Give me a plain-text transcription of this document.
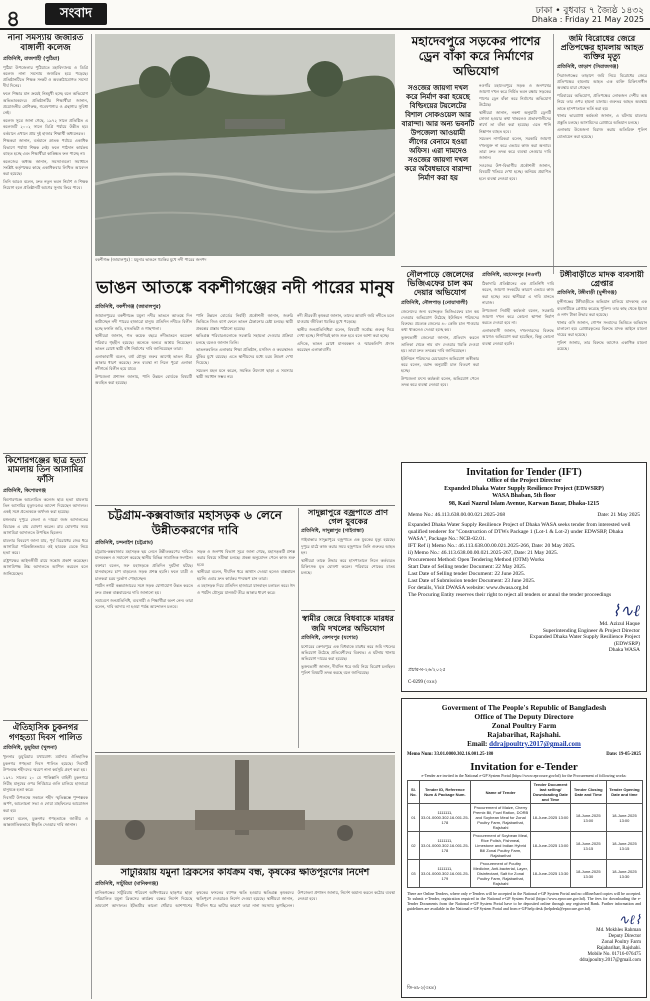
৪	সংবাদ	ঢাকা • বুধবার ৭ জ্যৈষ্ঠ ১৪৩২
Dhaka : Friday 21 May 2025
নানা সমস্যায় জর্জরিত বাঙ্গালী কলেজ
প্রতিনিধি, রাজশাহী (পুঠিয়া)

পুঠিয়া উপজেলার পুঠিয়াতে মহাবিদ্যালয় ও ডিগ্রি কলেজ নানা সমস্যায় জর্জরিত হয়ে পড়েছে। প্রতিষ্ঠানটিতে শিক্ষক সংকট ও অবকাঠামোগত সমস্যা দীর্ঘ দিনের।

ফলে শিক্ষার মান ক্রমেই নিম্নমুখী হচ্ছে বলে অভিযোগ অভিভাবকদের। প্রতিষ্ঠানটির শিক্ষার্থীরা জানান, প্রয়োজনীয় শ্রেণিকক্ষ, গবেষণাগার ও গ্রন্থাগার সুবিধা নেই।

কলেজ সূত্রে জানা গেছে, ১৯৭২ সালে প্রতিষ্ঠিত এ কলেজটি ২০০২ সালে ডিগ্রি পর্যায়ে উন্নীত হয়। বর্তমানে এখানে প্রায় দুই হাজার শিক্ষার্থী অধ্যয়নরত।

শিক্ষকরা জানান, বর্তমানে স্নাতক পর্যায়ে একাধিক বিভাগে পর্যাপ্ত শিক্ষক নেই। ফলে পাঠদান কার্যক্রম ব্যাহত হচ্ছে এবং শিক্ষার্থীরা কাঙ্ক্ষিত ফল পাচ্ছে না।

কলেজের অধ্যক্ষ জানান, সমস্যাগুলো সমাধানে সংশ্লিষ্ট কর্তৃপক্ষের কাছে একাধিকবার লিখিত আবেদন করা হয়েছে।

তিনি আরও বলেন, দ্রুত নতুন ভবন নির্মাণ ও শিক্ষক নিয়োগ হলে প্রতিষ্ঠানটি আগের সুনাম ফিরে পাবে।

কিশোরগঞ্জের ছাত্র হত্যা মামলায় তিন আসামির ফাঁসি
প্রতিনিধি, কিশোরগঞ্জ

কিশোরগঞ্জে আলোচিত কলেজ ছাত্র হত্যা মামলায় তিন আসামির মৃত্যুদণ্ডের আদেশ দিয়েছেন আদালত। একই সঙ্গে প্রত্যেককে অর্থদণ্ড করা হয়েছে।

মঙ্গলবার দুপুরে জেলা ও দায়রা জজ আদালতের বিচারক এ রায় ঘোষণা করেন। রায় ঘোষণার সময় আসামিরা আদালতে উপস্থিত ছিলেন।

মামলার বিবরণে জানা যায়, পূর্ব বিরোধের জের ধরে আসামিরা পরিকল্পিতভাবে ওই ছাত্রকে ডেকে নিয়ে হত্যা করে।

রাষ্ট্রপক্ষের আইনজীবী রায়ে সন্তোষ প্রকাশ করেছেন। আসামিপক্ষ উচ্চ আদালতে আপিল করবেন বলে জানিয়েছেন।

ঐতিহাসিক চুকনগর গণহত্যা দিবস পালিত
প্রতিনিধি, ডুমুরিয়া (খুলনা)

খুলনার ডুমুরিয়ায় যথাযোগ্য মর্যাদায় ঐতিহাসিক চুকনগর গণহত্যা দিবস পালিত হয়েছে। দিবসটি উপলক্ষে শহীদদের স্মরণে নানা কর্মসূচি গ্রহণ করা হয়।

১৯৭১ সালের ২০ মে পাকিস্তানি বাহিনী চুকনগরে নিরীহ মানুষের ওপর নির্বিচারে গুলি চালিয়ে হাজারো মানুষকে হত্যা করে।

দিবসটি উপলক্ষে সকালে শহীদ স্মৃতিস্তম্ভে পুষ্পস্তবক অর্পণ, আলোচনা সভা ও দোয়া মাহফিলের আয়োজন করা হয়।

বক্তারা বলেন, চুকনগর গণহত্যাকে জাতীয় ও আন্তর্জাতিকভাবে স্বীকৃতি দেওয়ার দাবি জানান।

বকশীগঞ্জ (জামালপুর) : যমুনার ভাঙনে হুমকির মুখে নদী পারের জনপদ
ভাঙন আতঙ্কে বকশীগঞ্জের নদী পারের মানুষ
প্রতিনিধি, বকশীগঞ্জ (জামালপুর)

জামালপুরের বকশীগঞ্জে যমুনা নদীর ভাঙনে আতঙ্কে দিন কাটাচ্ছেন নদী পারের হাজারো মানুষ। প্রতিদিন নদীতে বিলীন হচ্ছে ফসলি জমি, বসতভিটা ও গাছপালা।

স্থানীয়রা জানান, গত কয়েক বছরে নদীভাঙনে কয়েকশ পরিবার গৃহহীন হয়েছে। অনেকে অন্যত্র আশ্রয় নিয়েছেন। ভাঙন রোধে স্থায়ী বাঁধ নির্মাণের দাবি জানিয়েছেন তারা।

এলাকাবাসী বলেন, বর্ষা মৌসুম শুরুর আগেই ভাঙন তীব্র আকার ধারণ করেছে। দ্রুত ব্যবস্থা না নিলে পুরো এলাকা নদীগর্ভে বিলীন হয়ে যাবে।

উপজেলা প্রশাসন জানায়, পানি উন্নয়ন বোর্ডকে বিষয়টি অবহিত করা হয়েছে।

পানি উন্নয়ন বোর্ডের নির্বাহী প্রকৌশলী জানান, জরুরি ভিত্তিতে জিও ব্যাগ ফেলে ভাঙন ঠেকানোর চেষ্টা চলছে। স্থায়ী প্রকল্পের প্রস্তাব পাঠানো হয়েছে।

ক্ষতিগ্রস্ত পরিবারগুলোকে সরকারি সহায়তা দেওয়ার প্রক্রিয়া চলছে বলেও জানান তিনি।

ভাঙনকবলিত এলাকার শিক্ষা প্রতিষ্ঠান, মসজিদ ও কবরস্থানও ঝুঁকির মুখে রয়েছে। এতে স্থানীয়দের মধ্যে চরম উদ্বেগ দেখা দিয়েছে।

সচেতন মহল মনে করেন, সমন্বিত উদ্যোগ ছাড়া এ সমস্যার স্থায়ী সমাধান সম্ভব নয়।

নদী তীরবর্তী কৃষকরা জানান, তাদের আবাদি জমি নদীতে চলে যাওয়ায় জীবিকা হুমকির মুখে পড়েছে।

স্থানীয় জনপ্রতিনিধিরা বলেন, বিষয়টি সর্বোচ্চ গুরুত্ব দিয়ে দেখা হচ্ছে। শিগগিরই কাজ শুরু হবে বলে আশা করা হচ্ছে।

এদিকে, ভাঙন রোধে মানববন্ধন ও স্মারকলিপি প্রদান করেছেন এলাকাবাসী।

চট্টগ্রাম-কক্সবাজার মহাসড়ক ৬ লেনে উন্নীতকরণের দাবি
প্রতিনিধি, চন্দনাইশ (চট্টগ্রাম)

চট্টগ্রাম-কক্সবাজার মহাসড়ক ছয় লেনে উন্নীতকরণের দাবিতে মানববন্ধন ও সমাবেশ করেছে স্থানীয় বিভিন্ন সামাজিক সংগঠন।

বক্তারা বলেন, সরু মহাসড়কে প্রতিদিন দুর্ঘটনা ঘটছে। যানবাহনের চাপ বাড়লেও সড়ক প্রশস্ত হয়নি। ফলে যাত্রী ও চালকরা চরম দুর্ভোগ পোহাচ্ছেন।

পর্যটন নগরী কক্সবাজারের সঙ্গে সড়ক যোগাযোগ উন্নত করতে দ্রুত প্রকল্প বাস্তবায়নের দাবি জানানো হয়।

সমাবেশে জনপ্রতিনিধি, ব্যবসায়ী ও শিক্ষার্থীরা অংশ নেন। তারা বলেন, দাবি আদায় না হওয়া পর্যন্ত আন্দোলন চলবে।

সড়ক ও জনপথ বিভাগ সূত্রে জানা গেছে, মহাসড়কটি প্রশস্ত করার বিষয়ে সমীক্ষা চলছে। প্রকল্প অনুমোদন পেলে কাজ শুরু হবে।

স্থানীয়রা বলেন, দীর্ঘদিন ধরে আশ্বাস দেওয়া হলেও বাস্তবায়ন হয়নি। এবার দ্রুত কার্যকর পদক্ষেপ চান তারা।

এ মহাসড়ক দিয়ে প্রতিদিন হাজারো যানবাহন চলাচল করে। ঈদ ও পর্যটন মৌসুমে যানজট তীব্র আকার ধারণ করে।

সাদুল্লাপুরে বজ্রপাতে প্রাণ গেল যুবকের
প্রতিনিধি, সাদুল্লাপুর (গাইবান্ধা)

গাইবান্ধার সাদুল্লাপুরে বজ্রপাতে এক যুবকের মৃত্যু হয়েছে। দুপুরে মাঠে কাজ করার সময় বজ্রপাতে তিনি গুরুতর আহত হন।

স্থানীয়রা তাকে উদ্ধার করে হাসপাতালে নিলে কর্তব্যরত চিকিৎসক মৃত ঘোষণা করেন। পরিবারে শোকের মাতম চলছে।

স্বামীর জেরে বিধবাকে মারধর জমি দখলের অভিযোগ
প্রতিনিধি, কেশবপুর (যশোর)

যশোরের কেশবপুরে এক বিধবাকে মারধর করে জমি দখলের অভিযোগ উঠেছে প্রতিবেশীদের বিরুদ্ধে। এ ঘটনায় থানায় অভিযোগ দায়ের করা হয়েছে।

ভুক্তভোগী জানান, দীর্ঘদিন ধরে জমি নিয়ে বিরোধ চলছিল। পুলিশ বিষয়টি তদন্ত করছে বলে জানিয়েছে।

সাটুরিয়ায় যমুনা ব্রিকসের কার্যক্রম বন্ধ, কৃষকের ক্ষতিপূরণের নির্দেশ
প্রতিনিধি, সাটুরিয়া (মানিকগঞ্জ)
মানিকগঞ্জের সাটুরিয়ায় পরিবেশ অধিদপ্তরের ছাড়পত্র ছাড়া পরিচালিত যমুনা ব্রিকসের কার্যক্রম বন্ধের নির্দেশ দিয়েছে ভ্রাম্যমাণ আদালত। ইটভাটার কালো ধোঁয়ায় আশপাশের কৃষকের ফসলের ব্যাপক ক্ষতি হওয়ায় ক্ষতিগ্রস্ত কৃষকদের ক্ষতিপূরণ দেওয়ারও নির্দেশ দেওয়া হয়েছে। স্থানীয়রা জানান, দীর্ঘদিন ধরে ভাটার কারণে তারা নানা সমস্যায় ভুগছিলেন। উপজেলা প্রশাসন জানায়, নির্দেশ অমান্য করলে কঠোর ব্যবস্থা নেওয়া হবে।
মহাদেবপুরে সড়কের পাশের ড্রেন বাঁকা করে নির্মাণের অভিযোগ
সওজের জায়গা দখল করে নির্মাণ করা হয়েছে বিল্ডিংয়ের টয়লেটের বিশাল সোকওয়েল আর বারান্দা। আর অন্য ভবনটি উপজেলা আওয়ামী লীগের বেনামে হওয়া অফিস। এরা দামদেও সওজের জায়গা দখল করে অবৈধভাবে বারান্দা নির্মাণ করা হয়

নওগাঁর মহাদেবপুরে সড়ক ও জনপথের জায়গা দখল করে নির্মিত ভবন রক্ষায় সড়কের পাশের ড্রেন বাঁকা করে নির্মাণের অভিযোগ উঠেছে।

স্থানীয়রা জানান, নকশা অনুযায়ী ড্রেনটি সোজা হওয়ার কথা থাকলেও প্রভাবশালীদের স্বার্থে তা বাঁকা করা হয়েছে। এতে পানি নিষ্কাশন ব্যাহত হবে।

সচেতন নাগরিকরা বলেন, সরকারি জায়গা দখলমুক্ত না করে এভাবে কাজ করা অন্যায়। তারা দ্রুত তদন্ত করে ব্যবস্থা নেওয়ার দাবি জানান।

সওজের উপ-বিভাগীয় প্রকৌশলী জানান, বিষয়টি খতিয়ে দেখা হচ্ছে। অনিয়ম প্রমাণিত হলে ব্যবস্থা নেওয়া হবে।

জমি বিরোধের জেরে প্রতিপক্ষের হামলায় আহত ব্যক্তির মৃত্যু
প্রতিনিধি, তাড়াশ (সিরাজগঞ্জ)

সিরাজগঞ্জের তাড়াশে জমি নিয়ে বিরোধের জেরে প্রতিপক্ষের হামলায় আহত এক ব্যক্তি চিকিৎসাধীন অবস্থায় মারা গেছেন।

পরিবারের অভিযোগ, প্রতিপক্ষের লোকজন দেশীয় অস্ত্র নিয়ে তার ওপর হামলা চালায়। গুরুতর আহত অবস্থায় তাকে হাসপাতালে ভর্তি করা হয়।

থানার ভারপ্রাপ্ত কর্মকর্তা জানান, এ ঘটনায় মামলার প্রস্তুতি চলছে। আসামিদের গ্রেপ্তারে অভিযান চলছে।

এলাকায় উত্তেজনা বিরাজ করায় অতিরিক্ত পুলিশ মোতায়েন করা হয়েছে।

নৌলপাড়ে জেলেদের ভিজিএফের চাল কম দেয়ার অভিযোগ
প্রতিনিধি, নৌলপাড় (নোয়াখালী)

জেলেদের জন্য বরাদ্দকৃত ভিজিএফের চাল কম দেওয়ার অভিযোগ উঠেছে ইউনিয়ন পরিষদের বিরুদ্ধে। প্রত্যেক জেলের ৪০ কেজি চাল পাওয়ার কথা থাকলেও দেওয়া হচ্ছে কম।

ভুক্তভোগী জেলেরা জানান, প্রতিবাদ করলে তালিকা থেকে নাম বাদ দেওয়ার হুমকি দেওয়া হয়। তারা দ্রুত তদন্তের দাবি জানিয়েছেন।

ইউনিয়ন পরিষদের চেয়ারম্যান অভিযোগ অস্বীকার করে বলেন, বরাদ্দ অনুযায়ী চাল বিতরণ করা হচ্ছে।

উপজেলা মৎস্য কর্মকর্তা বলেন, অভিযোগ পেলে তদন্ত করে ব্যবস্থা নেওয়া হবে।

প্রতিনিধি, মহাদেবপুর (নওগাঁ)

ঠিকাদারি প্রতিষ্ঠানের এক প্রতিনিধি দাবি করেন, জায়গা সংকটের কারণে এভাবে কাজ করা হচ্ছে। তবে স্থানীয়রা এ দাবি মানতে নারাজ।

উপজেলা নির্বাহী কর্মকর্তা বলেন, সরকারি জায়গা দখল করে কোনো স্থাপনা নির্মাণ করতে দেওয়া হবে না।

এলাকাবাসী জানান, দখলদারদের বিরুদ্ধে আগেও অভিযোগ করা হয়েছিল, কিন্তু কোনো ব্যবস্থা নেওয়া হয়নি।

টঙ্গীবাড়ীতে মাদক ব্যবসায়ী গ্রেপ্তার
প্রতিনিধি, টঙ্গীবাড়ী (মুন্সীগঞ্জ)

মুন্সীগঞ্জের টঙ্গীবাড়ীতে অভিযান চালিয়ে মাদকসহ এক ব্যবসায়ীকে গ্রেপ্তার করেছে পুলিশ। তার কাছ থেকে ইয়াবা ও নগদ টাকা উদ্ধার করা হয়েছে।

থানার ওসি জানান, গোপন সংবাদের ভিত্তিতে অভিযান চালানো হয়। গ্রেপ্তারকৃতের বিরুদ্ধে মাদক আইনে মামলা দায়ের করা হয়েছে।

পুলিশ জানায়, তার বিরুদ্ধে আগেও একাধিক মামলা রয়েছে।

Invitation for Tender (IFT)
Office of the Project Director
Expanded Dhaka Water Supply Resilience Project (EDWSRP)
WASA Bhaban, 5th floor
98, Kazi Nazrul Islam Avenue, Karwan Bazar, Dhaka-1215
Memo No.: 46.113.638.00.00.021.2025-268	Date: 21 May 2025
Expanded Dhaka Water Supply Resilience Project of Dhaka WASA seeks tender from interested well qualified tenderer for "Construction of DTWs Package 1 (Lot-1 & Lot-2) under EDWSRP, Dhaka WASA", Package No.: NCB-02.01.
IFT Ref i) Memo No.: 46.113.638.00.00.021.2025-266, Date: 20 May 2025.
ii) Memo No.: 46.113.638.00.00.021.2025-267, Date: 21 May 2025.
Procurement Method: Open Tendering Method (OTM) Works
Start Date of Selling tender Document: 22 May 2025.
Last Date of Selling tender Document: 22 June 2025.
Last Date of Submission tender Document: 23 June 2025.
For details, Visit DWASA website: www.dwasa.org.bd
The Procuring Entity reserves their right to reject all tenders or annul the tender proceedings
⌇∿ℓ
Md. Azizul Haque
Superintending Engineer & Project Director
Expanded Dhaka Water Supply Resilience Project
(EDWSRP)
Dhaka WASA
প্রচার-ম-২৬/২০২৫
C-0299 (৩x৪)
Goverment of The People's Republic of Bangladesh
Office of The Deputy Directore
Zonal Poultry Farm
Rajabarihat, Rajshahi.
Email: ddrajpoultry.2017@gmail.com
Memo Num: 33.01.0000.302.16.001.25-180	Date: 19-05-2025
Invitation for e-Tender
e-Tender are invited in the National e-GP System Portal (https://www.eprocure.gov.bd) for the Procurement of following works:
Sl. No.	Tender ID, Reference Num & Package Num.	Name of Tender	Tender Document last selling/ Downloading Date and Time	Tender Closing Date and Time	Tender Opening Date and time
01	1111111, 33.01.0000.302.16.001.25-178	Procurement of Maize, Cherry Premix Bil, Fowl Ration, DORB and Soybean Meal for Zonal Poultry Farm, Rajabarihat, Rajshahi	18-June-2025 13:00	18-June-2025 13:00	18-June-2025 13:00
02	1111111, 33.01.0000.302.16.001.25-178	Procurement of Soybean Meal, Rice Polish, Fishmeal, Limestone and Indian Hybrid Bill Zonal Poultry Farm, Rajabarihat	18-June-2025 13:00	18-June-2025 13:15	18-June-2025 13:15
03	1111111, 33.01.0000.302.16.001.25-179	Procurement of Poultry Medicine, Anti-bacterial, Layer, Disinfectant, Salt for Zonal Poultry Farm, Rajabarihat, Rajshahi	18-June-2025 13:30	18-June-2025 13:30	18-June-2025 13:30
There are Online Tenders, where only e-Tenders will be accepted in the National e-GP System Portal and no offline/hard copies will be accepted. To submit e-Tender, registration required in the National e-GP System Portal (https://www.eprocure.gov.bd). The fees for downloading the e-Tender Documents from the National e-GP System Portal have to be deposited online through any registered Bank. Further information and guidelines are available in the National e-GP System Portal and from e-GP help desk (helpdesk@eprocure.gov.bd).
∿ℓ⌇
Md. Mokhles Rahman
Deputy Director
Zonal Poultry Farm
Rajabarihat, Rajshahi.
Mobile No. 01716-076475
ddrajpoultry.2017@gmail.com
ডি-৪৮২(৩x৪)
